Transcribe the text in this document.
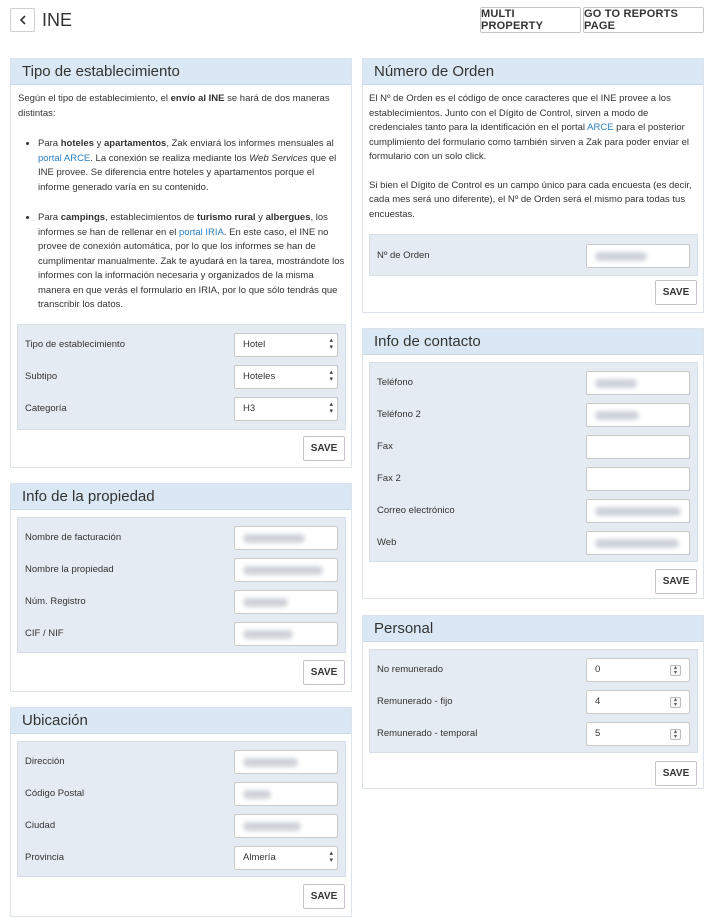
INE	MULTI PROPERTY
GO TO REPORTS PAGE
Tipo de establecimiento

Según el tipo de establecimiento, el envío al INE se hará de dos maneras distintas:

• Para hoteles y apartamentos, Zak enviará los informes mensuales al portal ARCE. La conexión se realiza mediante los Web Services que el INE provee. Se diferencia entre hoteles y apartamentos porque el informe generado varía en su contenido.
• Para campings, establecimientos de turismo rural y albergues, los informes se han de rellenar en el portal IRIA. En este caso, el INE no provee de conexión automática, por lo que los informes se han de cumplimentar manualmente. Zak te ayudará en la tarea, mostrándote los informes con la información necesaria y organizados de la misma manera en que verás el formulario en IRIA, por lo que sólo tendrás que transcribir los datos.
Tipo de establecimiento	Hotel ▴ ▾
Subtipo	Hoteles ▴ ▾
Categoría	H3 ▴ ▾
SAVE
Info de la propiedad
Nombre de facturación
Nombre la propiedad
Núm. Registro
CIF / NIF
SAVE
Ubicación
Dirección
Código Postal
Ciudad
Provincia	Almería ▴ ▾
SAVE
Número de Orden

El Nº de Orden es el código de once caracteres que el INE provee a los establecimientos. Junto con el Dígito de Control, sirven a modo de credenciales tanto para la identificación en el portal ARCE para el posterior cumplimiento del formulario como también sirven a Zak para poder enviar el formulario con un solo click.

Si bien el Dígito de Control es un campo único para cada encuesta (es decir, cada mes será uno diferente), el Nº de Orden será el mismo para todas tus encuestas.

Nº de Orden
SAVE
Info de contacto
Teléfono
Teléfono 2
Fax
Fax 2
Correo electrónico
Web
SAVE
Personal
No remunerado	0	▴
▾
Remunerado - fijo	4	▴
▾
Remunerado - temporal	5	▴
▾
SAVE
